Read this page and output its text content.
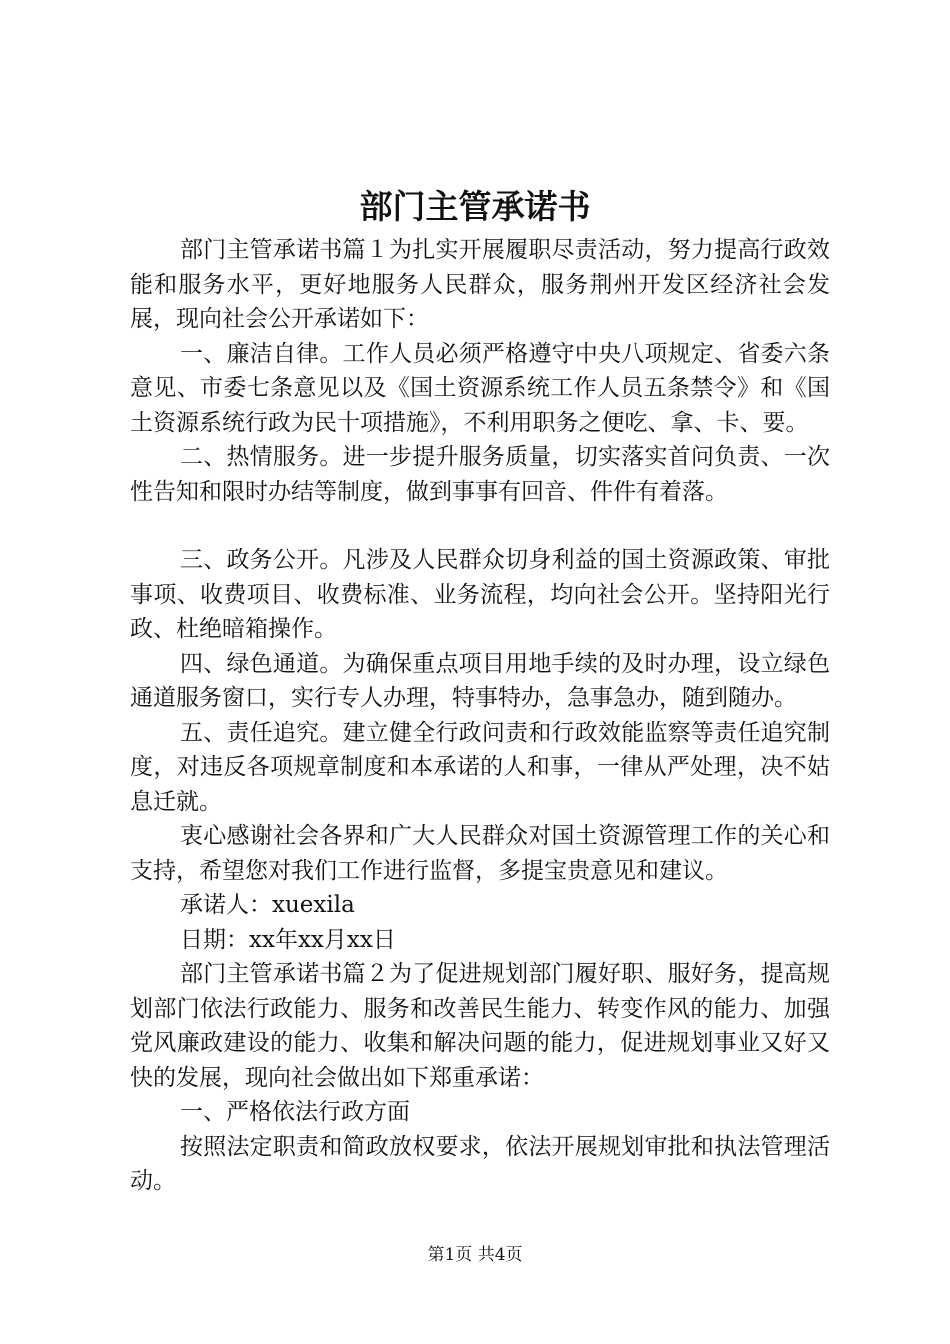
部门主管承诺书

部门主管承诺书篇１为扎实开展履职尽责活动，努力提高行政效能和服务水平，更好地服务人民群众，服务荆州开发区经济社会发展，现向社会公开承诺如下：

一、廉洁自律。工作人员必须严格遵守中央八项规定、省委六条意见、市委七条意见以及《国土资源系统工作人员五条禁令》和《国土资源系统行政为民十项措施》，不利用职务之便吃、拿、卡、要。

二、热情服务。进一步提升服务质量，切实落实首问负责、一次性告知和限时办结等制度，做到事事有回音、件件有着落。

三、政务公开。凡涉及人民群众切身利益的国土资源政策、审批事项、收费项目、收费标准、业务流程，均向社会公开。坚持阳光行政、杜绝暗箱操作。

四、绿色通道。为确保重点项目用地手续的及时办理，设立绿色通道服务窗口，实行专人办理，特事特办，急事急办，随到随办。

五、责任追究。建立健全行政问责和行政效能监察等责任追究制度，对违反各项规章制度和本承诺的人和事，一律从严处理，决不姑息迁就。

衷心感谢社会各界和广大人民群众对国土资源管理工作的关心和支持，希望您对我们工作进行监督，多提宝贵意见和建议。

承诺人：xuexila

日期：xx年xx月xx日

部门主管承诺书篇２为了促进规划部门履好职、服好务，提高规划部门依法行政能力、服务和改善民生能力、转变作风的能力、加强党风廉政建设的能力、收集和解决问题的能力，促进规划事业又好又快的发展，现向社会做出如下郑重承诺：

一、严格依法行政方面

按照法定职责和简政放权要求，依法开展规划审批和执法管理活动。

第1页 共4页
